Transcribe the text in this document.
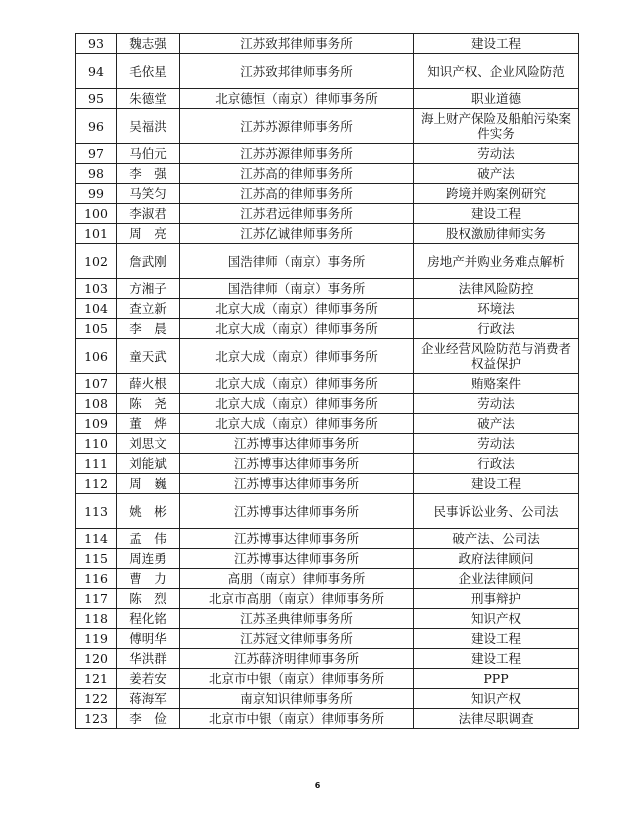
93	魏志强	江苏致邦律师事务所	建设工程
94	毛依星	江苏致邦律师事务所	知识产权、企业风险防范
95	朱德堂	北京德恒（南京）律师事务所	职业道德
96	吴福洪	江苏苏源律师事务所	海上财产保险及船舶污染案件实务
97	马伯元	江苏苏源律师事务所	劳动法
98	李　强	江苏高的律师事务所	破产法
99	马笑匀	江苏高的律师事务所	跨境并购案例研究
100	李淑君	江苏君远律师事务所	建设工程
101	周　亮	江苏亿诚律师事务所	股权激励律师实务
102	詹武刚	国浩律师（南京）事务所	房地产并购业务难点解析
103	方湘子	国浩律师（南京）事务所	法律风险防控
104	查立新	北京大成（南京）律师事务所	环境法
105	李　晨	北京大成（南京）律师事务所	行政法
106	童天武	北京大成（南京）律师事务所	企业经营风险防范与消费者权益保护
107	薛火根	北京大成（南京）律师事务所	贿赂案件
108	陈　尧	北京大成（南京）律师事务所	劳动法
109	董　烨	北京大成（南京）律师事务所	破产法
110	刘思文	江苏博事达律师事务所	劳动法
111	刘能斌	江苏博事达律师事务所	行政法
112	周　巍	江苏博事达律师事务所	建设工程
113	姚　彬	江苏博事达律师事务所	民事诉讼业务、公司法
114	孟　伟	江苏博事达律师事务所	破产法、公司法
115	周连勇	江苏博事达律师事务所	政府法律顾问
116	曹　力	高朋（南京）律师事务所	企业法律顾问
117	陈　烈	北京市高朋（南京）律师事务所	刑事辩护
118	程化铭	江苏圣典律师事务所	知识产权
119	傅明华	江苏冠文律师事务所	建设工程
120	华洪群	江苏薛济明律师事务所	建设工程
121	姜若安	北京市中银（南京）律师事务所	PPP
122	蒋海军	南京知识律师事务所	知识产权
123	李　俭	北京市中银（南京）律师事务所	法律尽职调查
6
